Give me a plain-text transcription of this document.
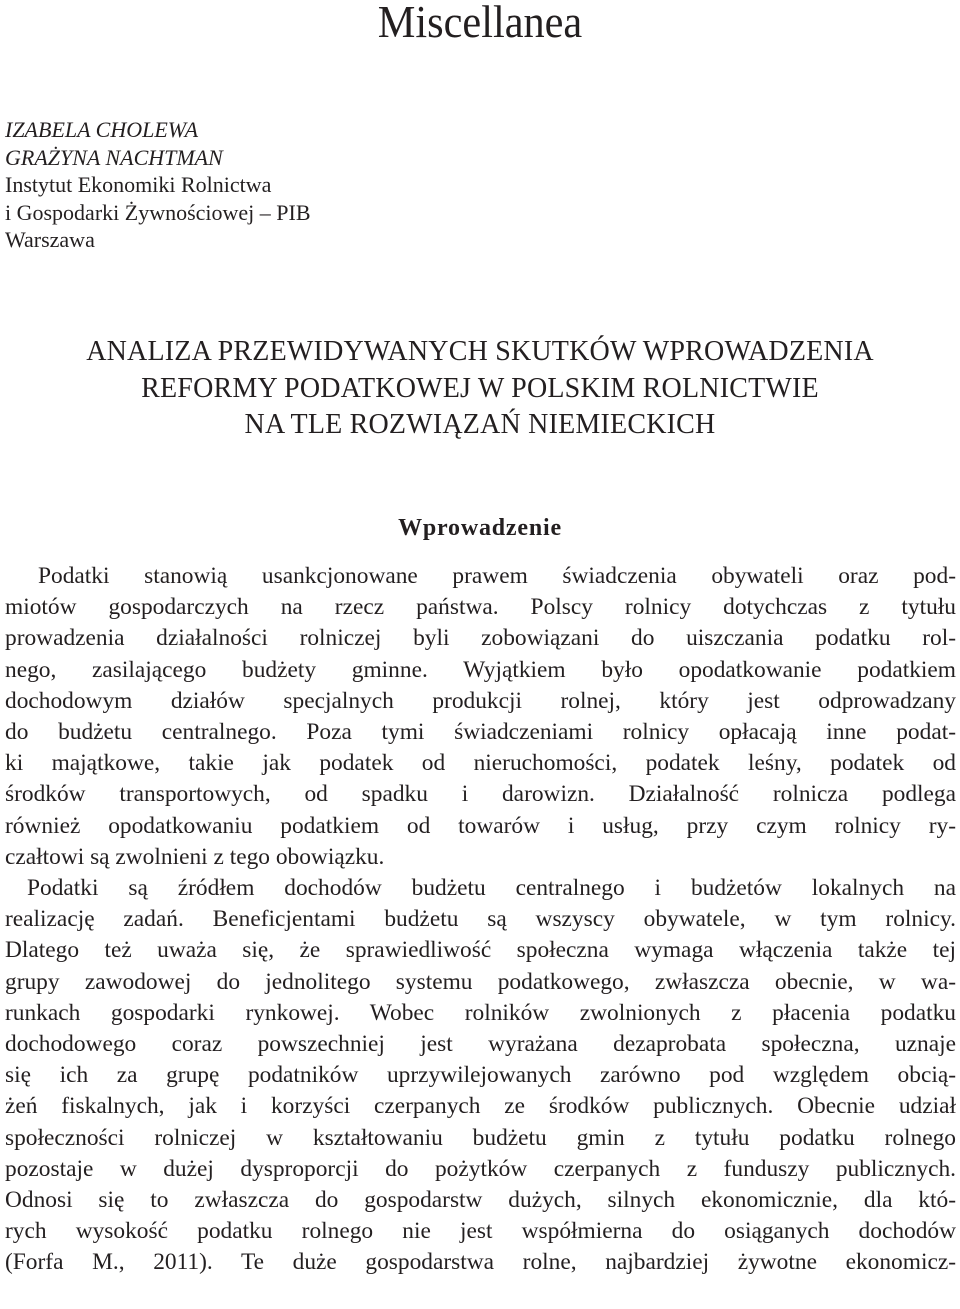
Miscellanea
IZABELA CHOLEWA
GRAŻYNA NACHTMAN
Instytut Ekonomiki Rolnictwa
i Gospodarki Żywnościowej – PIB
Warszawa
ANALIZA PRZEWIDYWANYCH SKUTKÓW WPROWADZENIA
REFORMY PODATKOWEJ W POLSKIM ROLNICTWIE
NA TLE ROZWIĄZAŃ NIEMIECKICH
Wprowadzenie
Podatki stanowią usankcjonowane prawem świadczenia obywateli oraz pod-
miotów gospodarczych na rzecz państwa. Polscy rolnicy dotychczas z tytułu
prowadzenia działalności rolniczej byli zobowiązani do uiszczania podatku rol-
nego, zasilającego budżety gminne. Wyjątkiem było opodatkowanie podatkiem
dochodowym działów specjalnych produkcji rolnej, który jest odprowadzany
do budżetu centralnego. Poza tymi świadczeniami rolnicy opłacają inne podat-
ki majątkowe, takie jak podatek od nieruchomości, podatek leśny, podatek od
środków transportowych, od spadku i darowizn. Działalność rolnicza podlega
również opodatkowaniu podatkiem od towarów i usług, przy czym rolnicy ry-
czałtowi są zwolnieni z tego obowiązku.
Podatki są źródłem dochodów budżetu centralnego i budżetów lokalnych na
realizację zadań. Beneficjentami budżetu są wszyscy obywatele, w tym rolnicy.
Dlatego też uważa się, że sprawiedliwość społeczna wymaga włączenia także tej
grupy zawodowej do jednolitego systemu podatkowego, zwłaszcza obecnie, w wa-
runkach gospodarki rynkowej. Wobec rolników zwolnionych z płacenia podatku
dochodowego coraz powszechniej jest wyrażana dezaprobata społeczna, uznaje
się ich za grupę podatników uprzywilejowanych zarówno pod względem obcią-
żeń fiskalnych, jak i korzyści czerpanych ze środków publicznych. Obecnie udział
społeczności rolniczej w kształtowaniu budżetu gmin z tytułu podatku rolnego
pozostaje w dużej dysproporcji do pożytków czerpanych z funduszy publicznych.
Odnosi się to zwłaszcza do gospodarstw dużych, silnych ekonomicznie, dla któ-
rych wysokość podatku rolnego nie jest współmierna do osiąganych dochodów
(Forfa M., 2011). Te duże gospodarstwa rolne, najbardziej żywotne ekonomicz-
